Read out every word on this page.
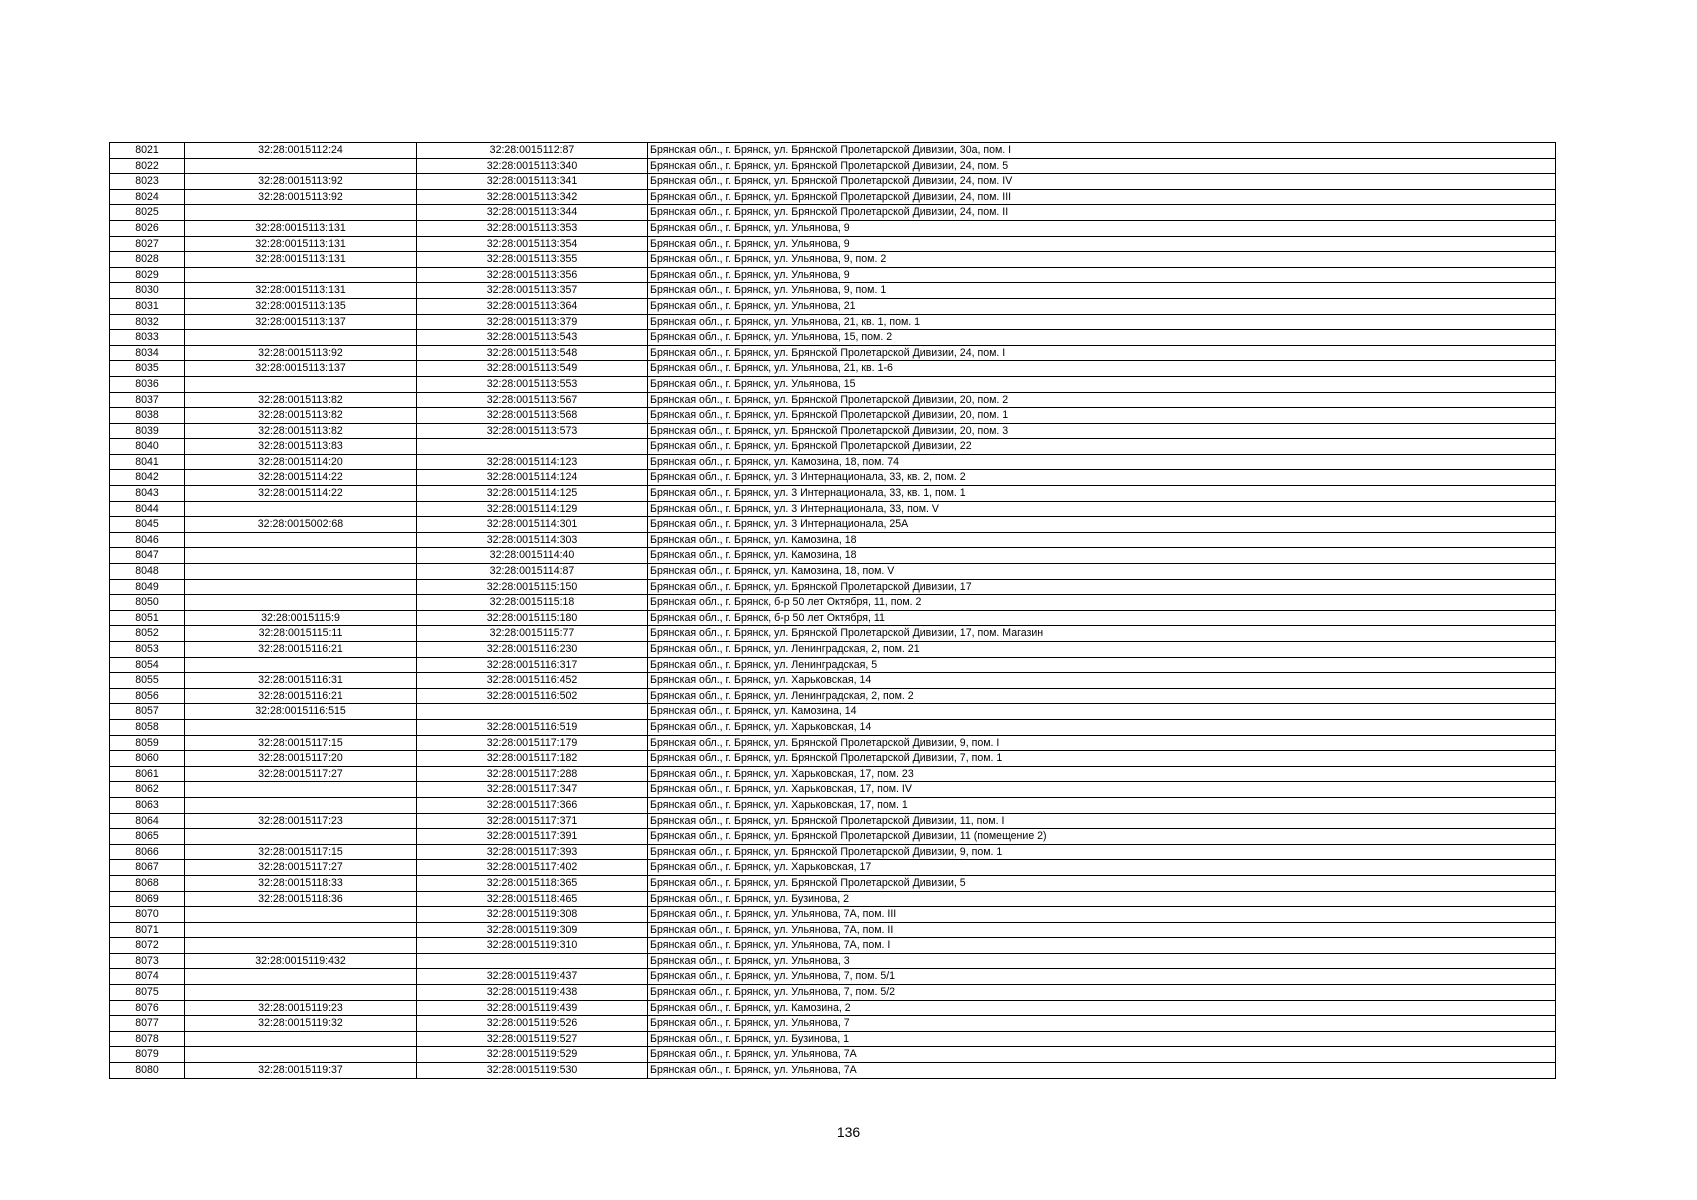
8021	32:28:0015112:24	32:28:0015112:87	Брянская обл., г. Брянск, ул. Брянской Пролетарской Дивизии, 30а, пом. I
8022		32:28:0015113:340	Брянская обл., г. Брянск, ул. Брянской Пролетарской Дивизии, 24, пом. 5
8023	32:28:0015113:92	32:28:0015113:341	Брянская обл., г. Брянск, ул. Брянской Пролетарской Дивизии, 24, пом. IV
8024	32:28:0015113:92	32:28:0015113:342	Брянская обл., г. Брянск, ул. Брянской Пролетарской Дивизии, 24, пом. III
8025		32:28:0015113:344	Брянская обл., г. Брянск, ул. Брянской Пролетарской Дивизии, 24, пом. II
8026	32:28:0015113:131	32:28:0015113:353	Брянская обл., г. Брянск, ул. Ульянова, 9
8027	32:28:0015113:131	32:28:0015113:354	Брянская обл., г. Брянск, ул. Ульянова, 9
8028	32:28:0015113:131	32:28:0015113:355	Брянская обл., г. Брянск, ул. Ульянова, 9, пом. 2
8029		32:28:0015113:356	Брянская обл., г. Брянск, ул. Ульянова, 9
8030	32:28:0015113:131	32:28:0015113:357	Брянская обл., г. Брянск, ул. Ульянова, 9, пом. 1
8031	32:28:0015113:135	32:28:0015113:364	Брянская обл., г. Брянск, ул. Ульянова, 21
8032	32:28:0015113:137	32:28:0015113:379	Брянская обл., г. Брянск, ул. Ульянова, 21, кв. 1, пом. 1
8033		32:28:0015113:543	Брянская обл., г. Брянск, ул. Ульянова, 15, пом. 2
8034	32:28:0015113:92	32:28:0015113:548	Брянская обл., г. Брянск, ул. Брянской Пролетарской Дивизии, 24, пом. I
8035	32:28:0015113:137	32:28:0015113:549	Брянская обл., г. Брянск, ул. Ульянова, 21, кв. 1-6
8036		32:28:0015113:553	Брянская обл., г. Брянск, ул. Ульянова, 15
8037	32:28:0015113:82	32:28:0015113:567	Брянская обл., г. Брянск, ул. Брянской Пролетарской Дивизии, 20, пом. 2
8038	32:28:0015113:82	32:28:0015113:568	Брянская обл., г. Брянск, ул. Брянской Пролетарской Дивизии, 20, пом. 1
8039	32:28:0015113:82	32:28:0015113:573	Брянская обл., г. Брянск, ул. Брянской Пролетарской Дивизии, 20, пом. 3
8040	32:28:0015113:83		Брянская обл., г. Брянск, ул. Брянской Пролетарской Дивизии, 22
8041	32:28:0015114:20	32:28:0015114:123	Брянская обл., г. Брянск, ул. Камозина, 18, пом. 74
8042	32:28:0015114:22	32:28:0015114:124	Брянская обл., г. Брянск, ул. 3 Интернационала, 33, кв. 2, пом. 2
8043	32:28:0015114:22	32:28:0015114:125	Брянская обл., г. Брянск, ул. 3 Интернационала, 33, кв. 1, пом. 1
8044		32:28:0015114:129	Брянская обл., г. Брянск, ул. 3 Интернационала, 33, пом. V
8045	32:28:0015002:68	32:28:0015114:301	Брянская обл., г. Брянск, ул. 3 Интернационала, 25А
8046		32:28:0015114:303	Брянская обл., г. Брянск, ул. Камозина, 18
8047		32:28:0015114:40	Брянская обл., г. Брянск, ул. Камозина, 18
8048		32:28:0015114:87	Брянская обл., г. Брянск, ул. Камозина, 18, пом. V
8049		32:28:0015115:150	Брянская обл., г. Брянск, ул. Брянской Пролетарской Дивизии, 17
8050		32:28:0015115:18	Брянская обл., г. Брянск, б-р 50 лет Октября, 11, пом. 2
8051	32:28:0015115:9	32:28:0015115:180	Брянская обл., г. Брянск, б-р 50 лет Октября, 11
8052	32:28:0015115:11	32:28:0015115:77	Брянская обл., г. Брянск, ул. Брянской Пролетарской Дивизии, 17, пом. Магазин
8053	32:28:0015116:21	32:28:0015116:230	Брянская обл., г. Брянск, ул. Ленинградская, 2, пом. 21
8054		32:28:0015116:317	Брянская обл., г. Брянск, ул. Ленинградская, 5
8055	32:28:0015116:31	32:28:0015116:452	Брянская обл., г. Брянск, ул. Харьковская, 14
8056	32:28:0015116:21	32:28:0015116:502	Брянская обл., г. Брянск, ул. Ленинградская, 2, пом. 2
8057	32:28:0015116:515		Брянская обл., г. Брянск, ул. Камозина, 14
8058		32:28:0015116:519	Брянская обл., г. Брянск, ул. Харьковская, 14
8059	32:28:0015117:15	32:28:0015117:179	Брянская обл., г. Брянск, ул. Брянской Пролетарской Дивизии, 9, пом. I
8060	32:28:0015117:20	32:28:0015117:182	Брянская обл., г. Брянск, ул. Брянской Пролетарской Дивизии, 7, пом. 1
8061	32:28:0015117:27	32:28:0015117:288	Брянская обл., г. Брянск, ул. Харьковская, 17, пом. 23
8062		32:28:0015117:347	Брянская обл., г. Брянск, ул. Харьковская, 17, пом. IV
8063		32:28:0015117:366	Брянская обл., г. Брянск, ул. Харьковская, 17, пом. 1
8064	32:28:0015117:23	32:28:0015117:371	Брянская обл., г. Брянск, ул. Брянской Пролетарской Дивизии, 11, пом. I
8065		32:28:0015117:391	Брянская обл., г. Брянск, ул. Брянской Пролетарской Дивизии, 11 (помещение 2)
8066	32:28:0015117:15	32:28:0015117:393	Брянская обл., г. Брянск, ул. Брянской Пролетарской Дивизии, 9, пом. 1
8067	32:28:0015117:27	32:28:0015117:402	Брянская обл., г. Брянск, ул. Харьковская, 17
8068	32:28:0015118:33	32:28:0015118:365	Брянская обл., г. Брянск, ул. Брянской Пролетарской Дивизии, 5
8069	32:28:0015118:36	32:28:0015118:465	Брянская обл., г. Брянск, ул. Бузинова, 2
8070		32:28:0015119:308	Брянская обл., г. Брянск, ул. Ульянова, 7А, пом. III
8071		32:28:0015119:309	Брянская обл., г. Брянск, ул. Ульянова, 7А, пом. II
8072		32:28:0015119:310	Брянская обл., г. Брянск, ул. Ульянова, 7А, пом. I
8073	32:28:0015119:432		Брянская обл., г. Брянск, ул. Ульянова, 3
8074		32:28:0015119:437	Брянская обл., г. Брянск, ул. Ульянова, 7, пом. 5/1
8075		32:28:0015119:438	Брянская обл., г. Брянск, ул. Ульянова, 7, пом. 5/2
8076	32:28:0015119:23	32:28:0015119:439	Брянская обл., г. Брянск, ул. Камозина, 2
8077	32:28:0015119:32	32:28:0015119:526	Брянская обл., г. Брянск, ул. Ульянова, 7
8078		32:28:0015119:527	Брянская обл., г. Брянск, ул. Бузинова, 1
8079		32:28:0015119:529	Брянская обл., г. Брянск, ул. Ульянова, 7А
8080	32:28:0015119:37	32:28:0015119:530	Брянская обл., г. Брянск, ул. Ульянова, 7А
136
